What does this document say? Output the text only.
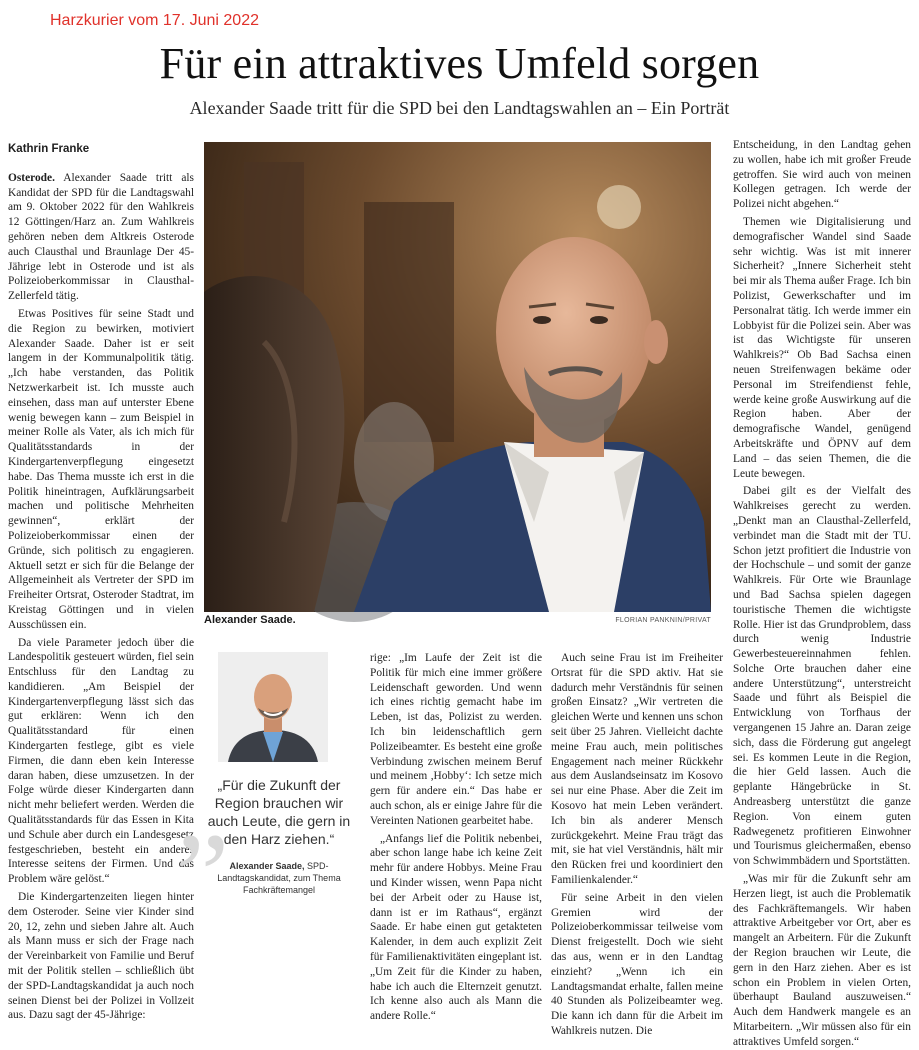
Harzkurier vom 17. Juni 2022
Für ein attraktives Umfeld sorgen
Alexander Saade tritt für die SPD bei den Landtagswahlen an – Ein Porträt
Kathrin Franke

Osterode. Alexander Saade tritt als Kandidat der SPD für die Landtagswahl am 9. Oktober 2022 für den Wahlkreis 12 Göttingen/Harz an. Zum Wahlkreis gehören neben dem Altkreis Osterode auch Clausthal und Braunlage Der 45-Jährige lebt in Osterode und ist als Polizeioberkommissar in Clausthal-Zellerfeld tätig.

Etwas Positives für seine Stadt und die Region zu bewirken, motiviert Alexander Saade. Daher ist er seit langem in der Kommunalpolitik tätig. „Ich habe verstanden, das Politik Netzwerkarbeit ist. Ich musste auch einsehen, dass man auf unterster Ebene wenig bewegen kann – zum Beispiel in meiner Rolle als Vater, als ich mich für Qualitätsstandards in der Kindergartenverpflegung eingesetzt habe. Das Thema musste ich erst in die Politik hineintragen, Aufklärungsarbeit machen und politische Mehrheiten gewinnen“, erklärt der Polizeioberkommissar einen der Gründe, sich politisch zu engagieren. Aktuell setzt er sich für die Belange der Allgemeinheit als Vertreter der SPD im Freiheiter Ortsrat, Osteroder Stadtrat, im Kreistag Göttingen und in vielen Ausschüssen ein.

Da viele Parameter jedoch über die Landespolitik gesteuert würden, fiel sein Entschluss für den Landtag zu kandidieren. „Am Beispiel der Kindergartenverpflegung lässt sich das gut erklären: Wenn ich den Qualitätsstandard für einen Kindergarten festlege, gibt es viele Firmen, die dann eben kein Interesse daran haben, diese umzusetzen. In der Folge würde dieser Kindergarten dann nicht mehr beliefert werden. Werden die Qualitätsstandards für das Essen in Kita und Schule aber durch ein Landesgesetz festgeschrieben, besteht ein anderes Interesse seitens der Firmen. Und das Problem wäre gelöst.“

Die Kindergartenzeiten liegen hinter dem Osteroder. Seine vier Kinder sind 20, 12, zehn und sieben Jahre alt. Auch als Mann muss er sich der Frage nach der Vereinbarkeit von Familie und Beruf mit der Politik stellen – schließlich übt der SPD-Landtagskandidat ja auch noch seinen Dienst bei der Polizei in Vollzeit aus. Dazu sagt der 45-Jährige:

Alexander Saade.	FLORIAN PANKNIN/PRIVAT
„
„Für die Zukunft der Region brauchen wir auch Leute, die gern in den Harz ziehen.“
Alexander Saade, SPD- Landtagskandidat, zum Thema Fachkräftemangel

rige: „Im Laufe der Zeit ist die Politik für mich eine immer größere Leidenschaft geworden. Und wenn ich eines richtig gemacht habe im Leben, ist das, Polizist zu werden. Ich bin leidenschaftlich gern Polizeibeamter. Es besteht eine große Verbindung zwischen meinem Beruf und meinem ,Hobby‘: Ich setze mich gern für andere ein.“ Das habe er auch schon, als er einige Jahre für die Vereinten Nationen gearbeitet habe.

„Anfangs lief die Politik nebenbei, aber schon lange habe ich keine Zeit mehr für andere Hobbys. Meine Frau und Kinder wissen, wenn Papa nicht bei der Arbeit oder zu Hause ist, dann ist er im Rathaus“, ergänzt Saade. Er habe einen gut getakteten Kalender, in dem auch explizit Zeit für Familienaktivitäten eingeplant ist. „Um Zeit für die Kinder zu haben, habe ich auch die Elternzeit genutzt. Ich kenne also auch als Mann die andere Rolle.“

Auch seine Frau ist im Freiheiter Ortsrat für die SPD aktiv. Hat sie dadurch mehr Verständnis für seinen großen Einsatz? „Wir vertreten die gleichen Werte und kennen uns schon seit über 25 Jahren. Vielleicht dachte meine Frau auch, mein politisches Engagement nach meiner Rückkehr aus dem Auslandseinsatz im Kosovo sei nur eine Phase. Aber die Zeit im Kosovo hat mein Leben verändert. Ich bin als anderer Mensch zurückgekehrt. Meine Frau trägt das mit, sie hat viel Verständnis, hält mir den Rücken frei und koordiniert den Familienkalender.“

Für seine Arbeit in den vielen Gremien wird der Polizeioberkommissar teilweise vom Dienst freigestellt. Doch wie sieht das aus, wenn er in den Landtag einzieht? „Wenn ich ein Landtagsmandat erhalte, fallen meine 40 Stunden als Polizeibeamter weg. Die kann ich dann für die Arbeit im Wahlkreis nutzen. Die

Entscheidung, in den Landtag gehen zu wollen, habe ich mit großer Freude getroffen. Sie wird auch von meinen Kollegen getragen. Ich werde der Polizei nicht abgehen.“

Themen wie Digitalisierung und demografischer Wandel sind Saade sehr wichtig. Was ist mit innerer Sicherheit? „Innere Sicherheit steht bei mir als Thema außer Frage. Ich bin Polizist, Gewerkschafter und im Personalrat tätig. Ich werde immer ein Lobbyist für die Polizei sein. Aber was ist das Wichtigste für unseren Wahlkreis?“ Ob Bad Sachsa einen neuen Streifenwagen bekäme oder Personal im Streifendienst fehle, werde keine große Auswirkung auf die Region haben. Aber der demografische Wandel, genügend Arbeitskräfte und ÖPNV auf dem Land – das seien Themen, die die Leute bewegen.

Dabei gilt es der Vielfalt des Wahlkreises gerecht zu werden. „Denkt man an Clausthal-Zellerfeld, verbindet man die Stadt mit der TU. Schon jetzt profitiert die Industrie von der Hochschule – und somit der ganze Wahlkreis. Für Orte wie Braunlage und Bad Sachsa spielen dagegen touristische Themen die wichtigste Rolle. Hier ist das Grundproblem, dass durch wenig Industrie Gewerbesteuereinnahmen fehlen. Solche Orte brauchen daher eine andere Unterstützung“, unterstreicht Saade und führt als Beispiel die Entwicklung von Torfhaus der vergangenen 15 Jahre an. Daran zeige sich, dass die Förderung gut angelegt sei. Es kommen Leute in die Region, die hier Geld lassen. Auch die geplante Hängebrücke in St. Andreasberg unterstützt die ganze Region. Von einem guten Radwegenetz profitieren Einwohner und Tourismus gleichermaßen, ebenso von Schwimmbädern und Sportstätten.

„Was mir für die Zukunft sehr am Herzen liegt, ist auch die Problematik des Fachkräftemangels. Wir haben attraktive Arbeitgeber vor Ort, aber es mangelt an Arbeitern. Für die Zukunft der Region brauchen wir Leute, die gern in den Harz ziehen. Aber es ist schon ein Problem in vielen Orten, überhaupt Bauland auszuweisen.“ Auch dem Handwerk mangele es an Mitarbeitern. „Wir müssen also für ein attraktives Umfeld sorgen.“
